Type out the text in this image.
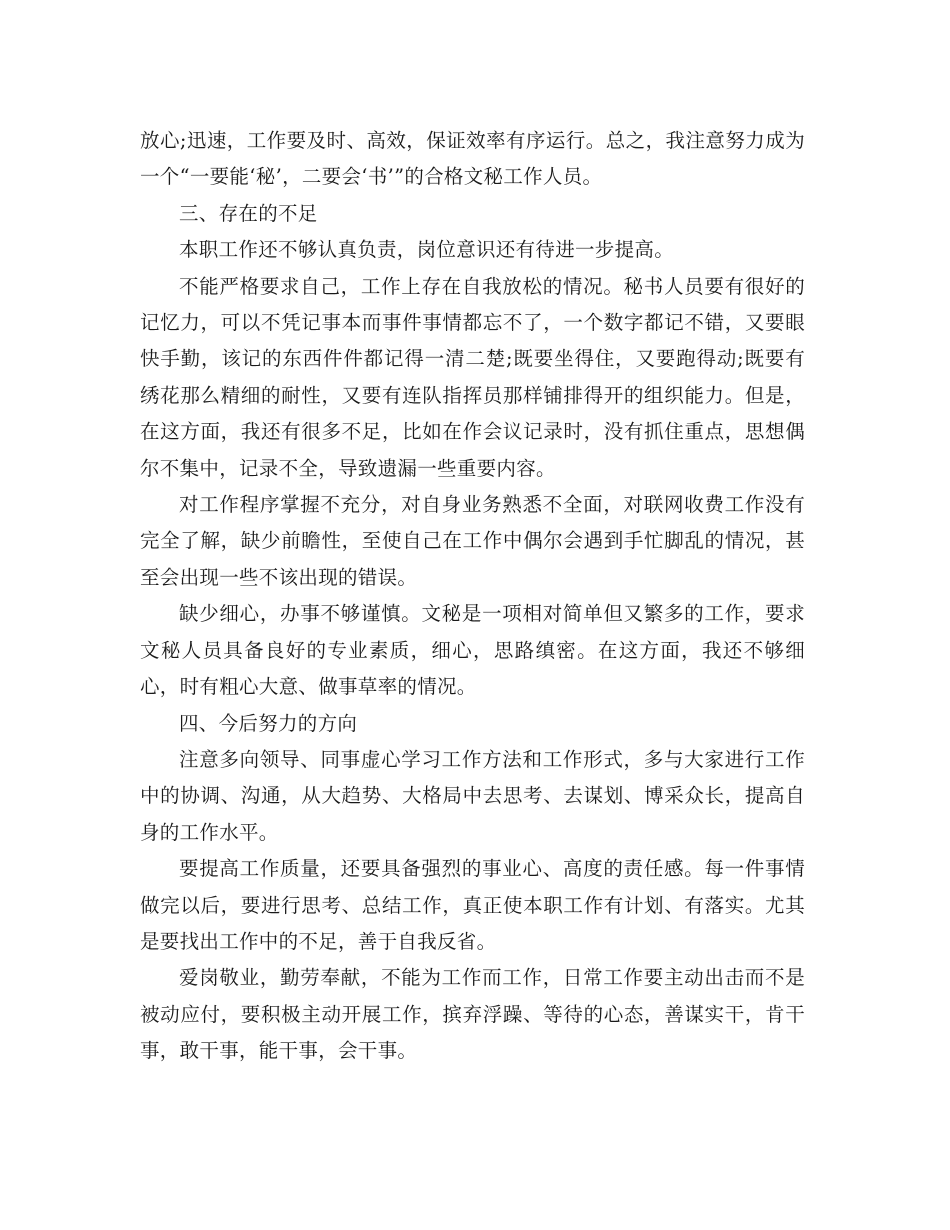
放心;迅速，工作要及时、高效，保证效率有序运行。总之，我注意努力成为一个“一要能‘秘’，二要会‘书’”的合格文秘工作人员。

三、存在的不足

本职工作还不够认真负责，岗位意识还有待进一步提高。

不能严格要求自己，工作上存在自我放松的情况。秘书人员要有很好的记忆力，可以不凭记事本而事件事情都忘不了，一个数字都记不错，又要眼快手勤，该记的东西件件都记得一清二楚;既要坐得住，又要跑得动;既要有绣花那么精细的耐性，又要有连队指挥员那样铺排得开的组织能力。但是，在这方面，我还有很多不足，比如在作会议记录时，没有抓住重点，思想偶尔不集中，记录不全，导致遗漏一些重要内容。

对工作程序掌握不充分，对自身业务熟悉不全面，对联网收费工作没有完全了解，缺少前瞻性，至使自己在工作中偶尔会遇到手忙脚乱的情况，甚至会出现一些不该出现的错误。

缺少细心，办事不够谨慎。文秘是一项相对简单但又繁多的工作，要求文秘人员具备良好的专业素质，细心，思路缜密。在这方面，我还不够细心，时有粗心大意、做事草率的情况。

四、今后努力的方向

注意多向领导、同事虚心学习工作方法和工作形式，多与大家进行工作中的协调、沟通，从大趋势、大格局中去思考、去谋划、博采众长，提高自身的工作水平。

要提高工作质量，还要具备强烈的事业心、高度的责任感。每一件事情做完以后，要进行思考、总结工作，真正使本职工作有计划、有落实。尤其是要找出工作中的不足，善于自我反省。

爱岗敬业，勤劳奉献，不能为工作而工作，日常工作要主动出击而不是被动应付，要积极主动开展工作，摈弃浮躁、等待的心态，善谋实干，肯干事，敢干事，能干事，会干事。
